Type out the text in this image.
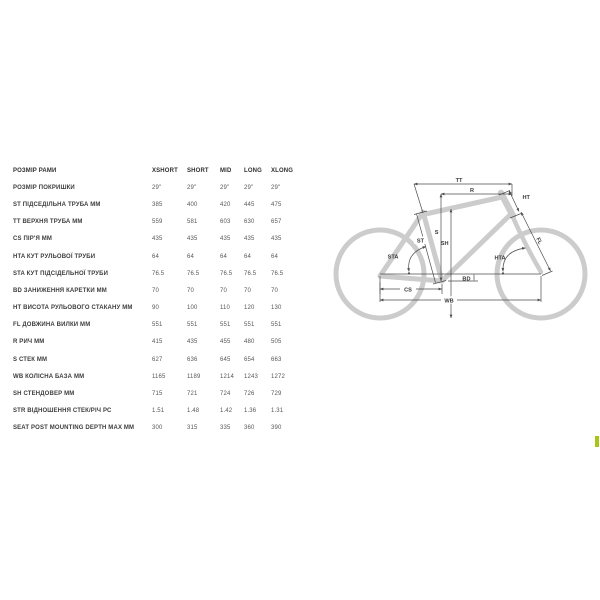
РОЗМІР РАМИ	XSHORT	SHORT	MID	LONG	XLONG
РОЗМІР ПОКРИШКИ	29"	29"	29"	29"	29"
ST ПІДСЕДІЛЬНА ТРУБА ММ	385	400	420	445	475
TT ВЕРХНЯ ТРУБА ММ	559	581	603	630	657
CS ПІР'Я ММ	435	435	435	435	435
HTA КУТ РУЛЬОВОЇ ТРУБИ	64	64	64	64	64
STA КУТ ПІДСІДЕЛЬНОЇ ТРУБИ	76.5	76.5	76.5	76.5	76.5
BD ЗАНИЖЕННЯ КАРЕТКИ ММ	70	70	70	70	70
HT ВИСОТА РУЛЬОВОГО СТАКАНУ ММ	90	100	110	120	130
FL ДОВЖИНА ВИЛКИ ММ	551	551	551	551	551
R РИЧ ММ	415	435	455	480	505
S СТЕК ММ	627	636	645	654	663
WB КОЛІСНА БАЗА ММ	1165	1189	1214	1243	1272
SH СТЕНДОВЕР ММ	715	721	724	726	729
STR ВІДНОШЕННЯ СТЕК/РІЧ РС	1.51	1.48	1.42	1.36	1.31
SEAT POST MOUNTING DEPTH MAX ММ	300	315	335	360	390
TT
R
HT
S
SH
ST
STA	HTA
FL
BD
CS
WB
